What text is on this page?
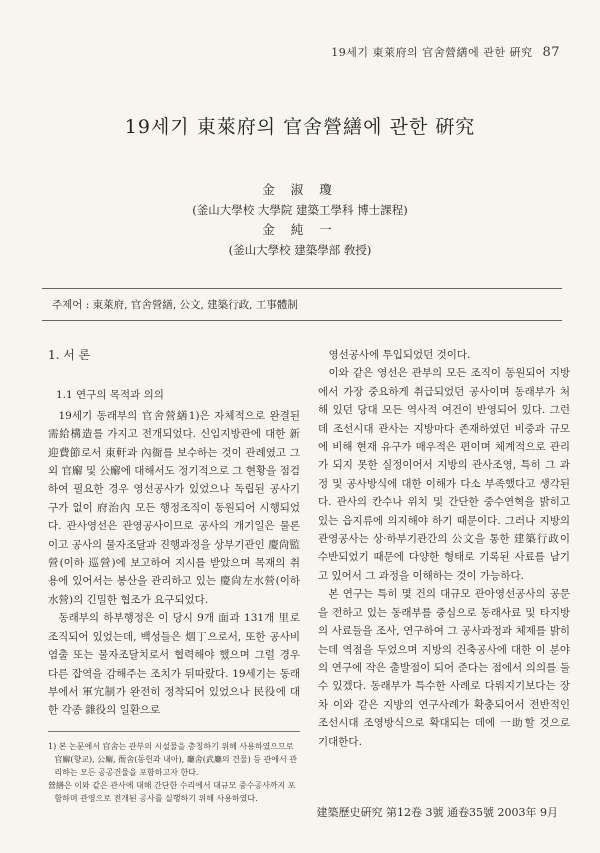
19세기 東萊府의 官舍營繕에 관한 硏究 87
19세기 東萊府의 官舍營繕에 관한 硏究
金 淑 瓊
(釜山大學校 大學院 建築工學科 博士課程)
金 純 一
(釜山大學校 建築學部 敎授)
주제어 : 東萊府, 官舍營繕, 公文, 建築行政, 工事體制
1. 서 론
1.1 연구의 목적과 의의

19세기 동래부의 官舍營繕1)은 자체적으로 완결된 需給構造를 가지고 전개되었다. 신임지방관에 대한 新迎費節로서 東軒과 內衙를 보수하는 것이 관례였고 그 외 官廨 및 公廨에 대해서도 정기적으로 그 현황을 점검하여 필요한 경우 영선공사가 있었으나 독립된 공사기구가 없이 府治內 모든 행정조직이 동원되어 시행되었다. 관사영선은 관영공사이므로 공사의 개기일은 물론이고 공사의 물자조달과 진행과정을 상부기관인 慶尙監營(이하 巡營)에 보고하여 지시를 받았으며 목재의 취용에 있어서는 봉산을 관리하고 있는 慶尙左水營(이하 水營)의 긴밀한 협조가 요구되었다.

동래부의 하부행정은 이 당시 9개 面과 131개 里로 조직되어 있었는데, 백성들은 烟丁으로서, 또한 공사비염출 또는 물자조달치로서 협력해야 했으며 그럴 경우 다른 잡역을 감해주는 조치가 뒤따랐다. 19세기는 동래부에서 軍宂制가 완전히 정착되어 있었으나 民役에 대한 각종 雜役의 일환으로

영선공사에 투입되었던 것이다.

이와 같은 영선은 관부의 모든 조직이 동원되어 지방에서 가장 중요하게 취급되었던 공사이며 동래부가 처해 있던 당대 모든 역사적 여건이 반영되어 있다. 그런데 조선시대 관사는 지방마다 존재하였던 비중과 규모에 비해 현재 유구가 매우적은 편이며 체계적으로 관리가 되지 못한 실정이어서 지방의 관사조영, 특히 그 과정 및 공사방식에 대한 이해가 다소 부족했다고 생각된다. 관사의 칸수나 위치 및 간단한 중수연혁을 밝히고 있는 읍지류에 의지해야 하기 때문이다. 그러나 지방의 관영공사는 상·하부기관간의 公文을 통한 建築行政이 수반되었기 때문에 다양한 형태로 기록된 사료를 남기고 있어서 그 과정을 이해하는 것이 가능하다.

본 연구는 특히 몇 건의 대규모 관아영선공사의 공문을 전하고 있는 동래부를 중심으로 동래사료 및 타지방의 사료들을 조사, 연구하여 그 공사과정과 체제를 밝히는데 역점을 두었으며 지방의 건축공사에 대한 이 분야의 연구에 작은 출발점이 되어 준다는 점에서 의의를 둘 수 있겠다. 동래부가 특수한 사례로 다뤄지기보다는 장차 이와 같은 지방의 연구사례가 확충되어서 전반적인 조선시대 조영방식으로 확대되는 데에 一助할 것으로 기대한다.

1) 본 논문에서 官舍는 관부의 시설물을 총칭하기 위해 사용하였으므로 官廨(향교), 公廨, 衙舍(동헌과 내아), 廳舍(武廳의 건물) 등 관에서 관리하는 모든 공공건물을 포함하고자 한다.
營繕은 이와 같은 관사에 대해 간단한 수리에서 대규모 중수공사까지 포함하며 관영으로 전개된 공사를 실행하기 위해 사용하였다.
建築歷史硏究 第12卷 3號 通卷35號 2003年 9月
